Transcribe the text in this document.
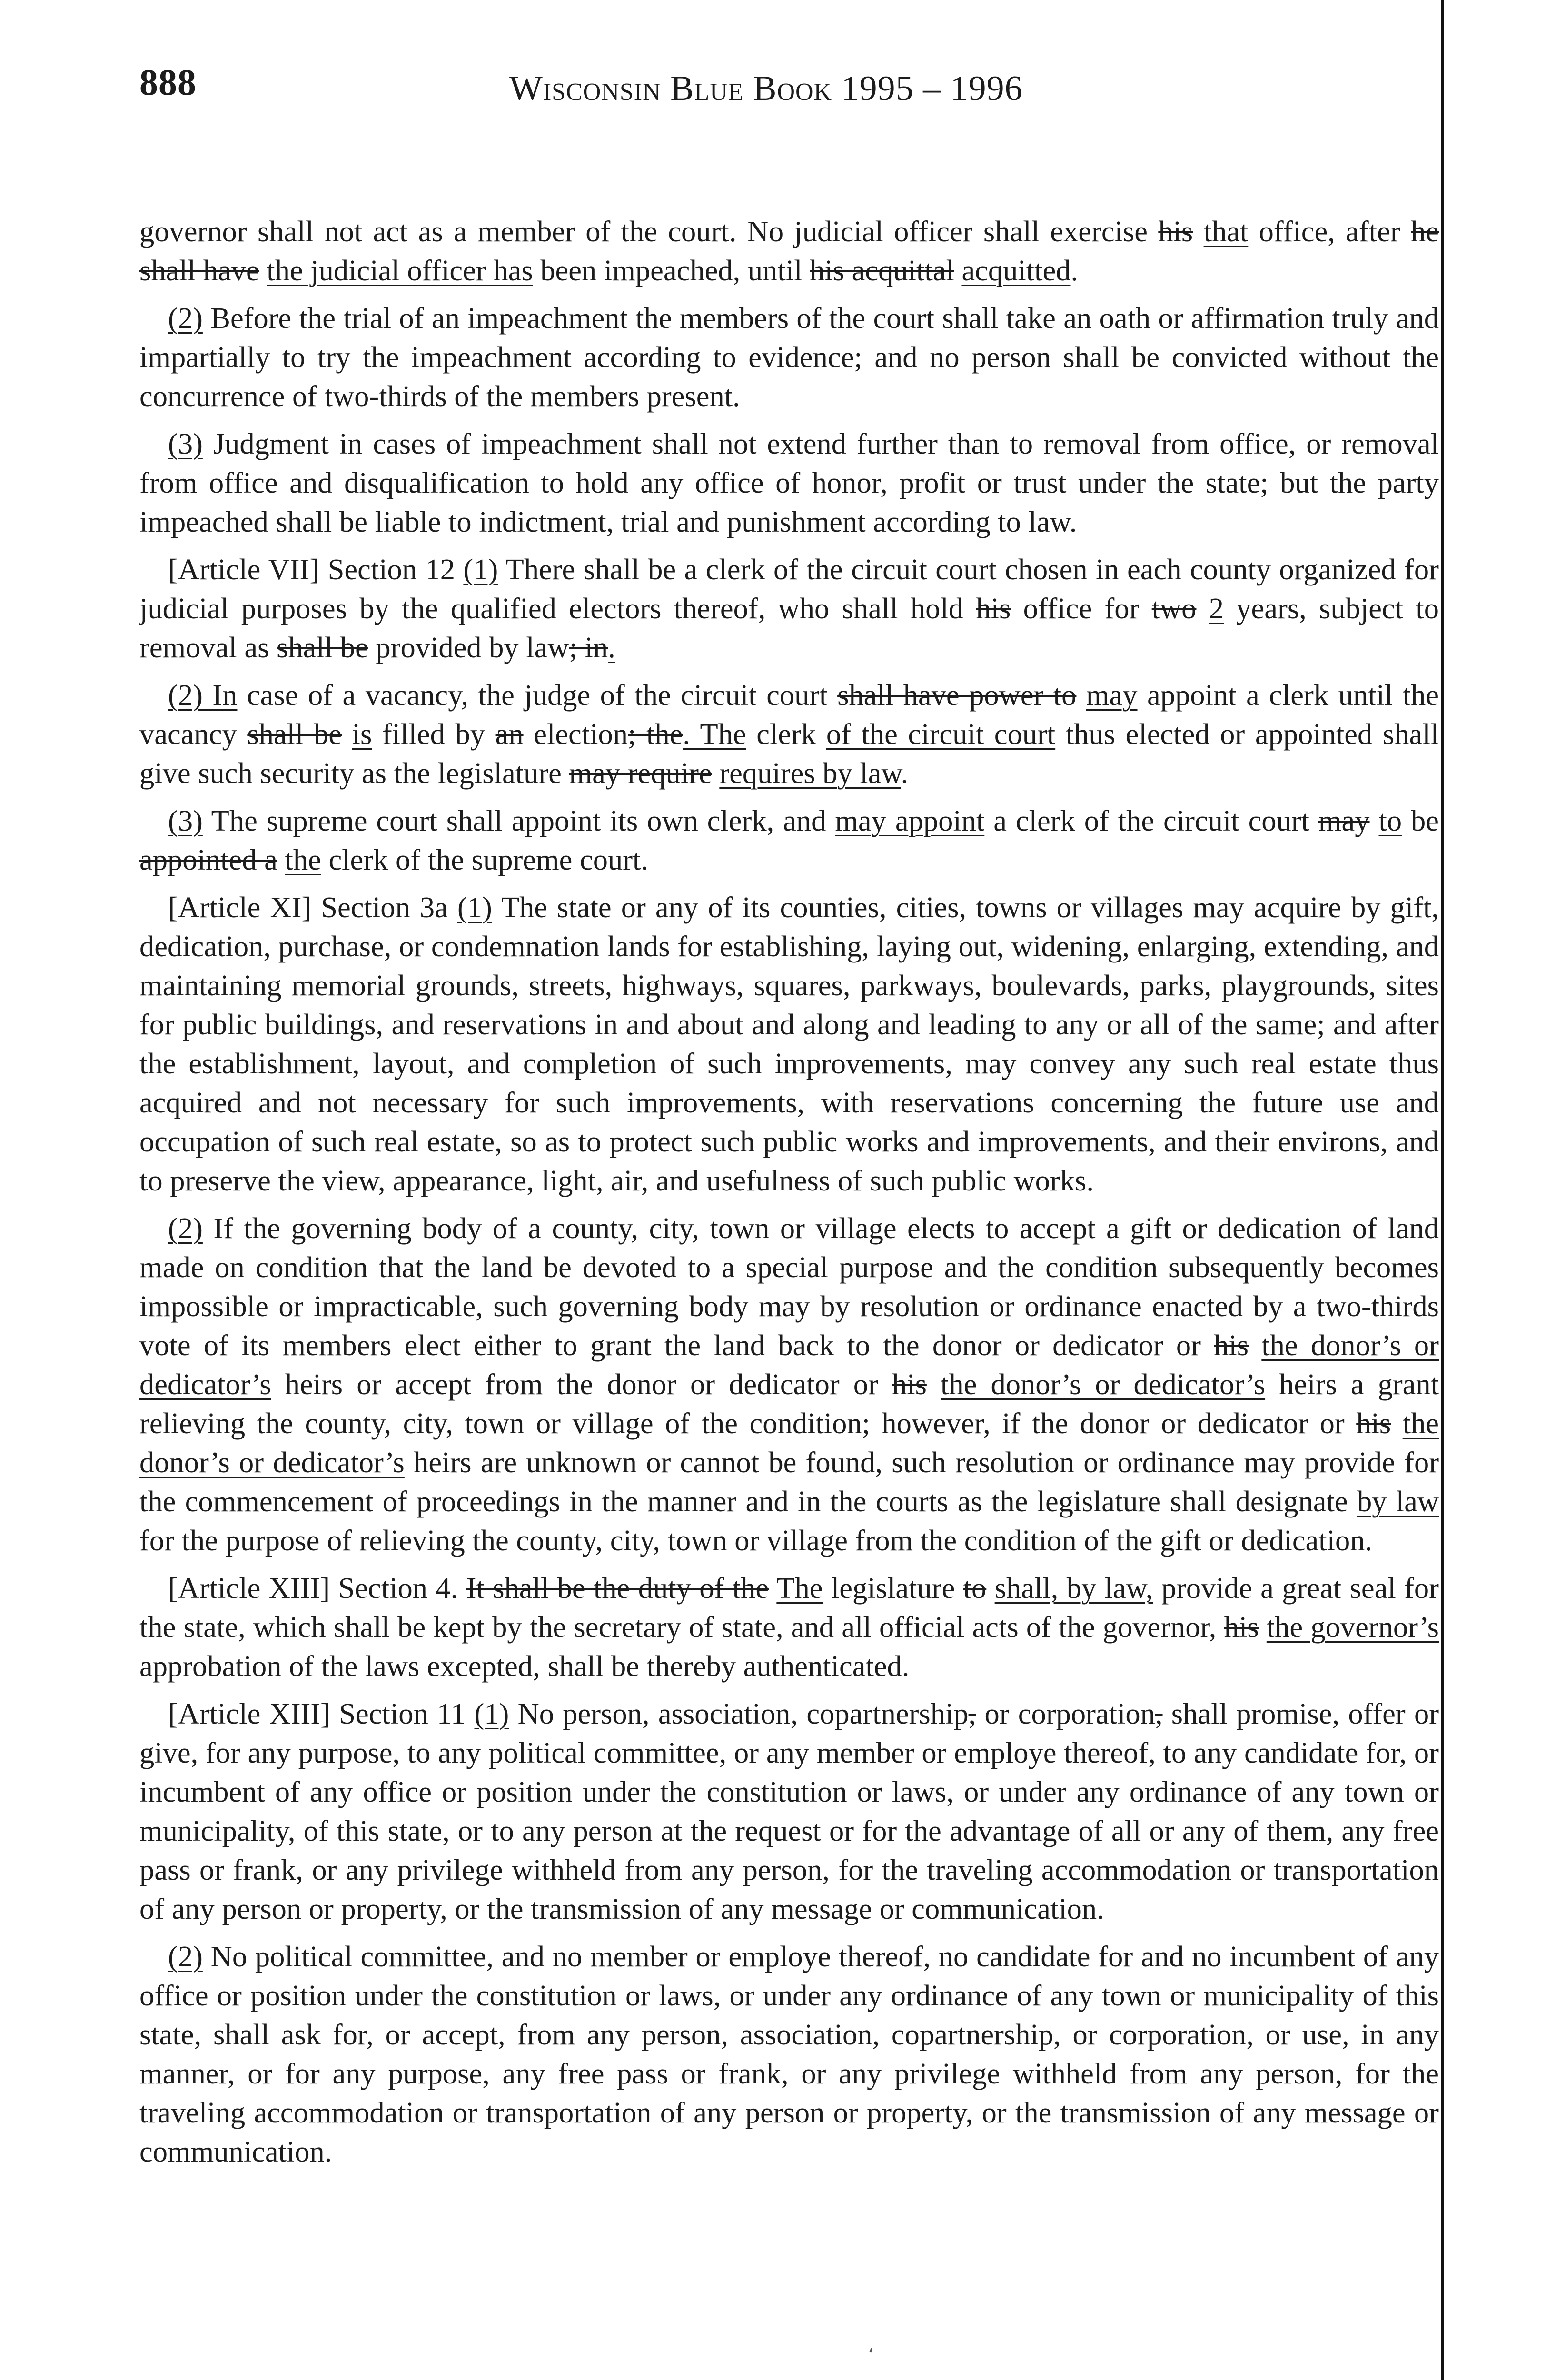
888	Wisconsin Blue Book 1995 – 1996

governor shall not act as a member of the court. No judicial officer shall exercise his that office, after he shall have the judicial officer has been impeached, until his acquittal acquitted.

(2) Before the trial of an impeachment the members of the court shall take an oath or affirmation truly and impartially to try the impeachment according to evidence; and no person shall be convicted without the concurrence of two-thirds of the members present.

(3) Judgment in cases of impeachment shall not extend further than to removal from office, or removal from office and disqualification to hold any office of honor, profit or trust under the state; but the party impeached shall be liable to indictment, trial and punishment according to law.

[Article VII] Section 12 (1) There shall be a clerk of the circuit court chosen in each county organized for judicial purposes by the qualified electors thereof, who shall hold his office for two 2 years, subject to removal as shall be provided by law; in.

(2) In case of a vacancy, the judge of the circuit court shall have power to may appoint a clerk until the vacancy shall be is filled by an election; the. The clerk of the circuit court thus elected or appointed shall give such security as the legislature may require requires by law.

(3) The supreme court shall appoint its own clerk, and may appoint a clerk of the circuit court may to be appointed a the clerk of the supreme court.

[Article XI] Section 3a (1) The state or any of its counties, cities, towns or villages may acquire by gift, dedication, purchase, or condemnation lands for establishing, laying out, widening, enlarging, extending, and maintaining memorial grounds, streets, highways, squares, parkways, boulevards, parks, playgrounds, sites for public buildings, and reservations in and about and along and leading to any or all of the same; and after the establishment, layout, and completion of such improvements, may convey any such real estate thus acquired and not necessary for such improvements, with reservations concerning the future use and occupation of such real estate, so as to protect such public works and improvements, and their environs, and to preserve the view, appearance, light, air, and usefulness of such public works.

(2) If the governing body of a county, city, town or village elects to accept a gift or dedication of land made on condition that the land be devoted to a special purpose and the condition subsequently becomes impossible or impracticable, such governing body may by resolution or ordinance enacted by a two-thirds vote of its members elect either to grant the land back to the donor or dedicator or his the donor’s or dedicator’s heirs or accept from the donor or dedicator or his the donor’s or dedicator’s heirs a grant relieving the county, city, town or village of the condition; however, if the donor or dedicator or his the donor’s or dedicator’s heirs are unknown or cannot be found, such resolution or ordinance may provide for the commencement of proceedings in the manner and in the courts as the legislature shall designate by law for the purpose of relieving the county, city, town or village from the condition of the gift or dedication.

[Article XIII] Section 4. It shall be the duty of the The legislature to shall, by law, provide a great seal for the state, which shall be kept by the secretary of state, and all official acts of the governor, his the governor’s approbation of the laws excepted, shall be thereby authenticated.

[Article XIII] Section 11 (1) No person, association, copartnership, or corporation, shall promise, offer or give, for any purpose, to any political committee, or any member or employe thereof, to any candidate for, or incumbent of any office or position under the constitution or laws, or under any ordinance of any town or municipality, of this state, or to any person at the request or for the advantage of all or any of them, any free pass or frank, or any privilege withheld from any person, for the traveling accommodation or transportation of any person or property, or the transmission of any message or communication.

(2) No political committee, and no member or employe thereof, no candidate for and no incumbent of any office or position under the constitution or laws, or under any ordinance of any town or municipality of this state, shall ask for, or accept, from any person, association, copartnership, or corporation, or use, in any manner, or for any purpose, any free pass or frank, or any privilege withheld from any person, for the traveling accommodation or transportation of any person or property, or the transmission of any message or communication.
